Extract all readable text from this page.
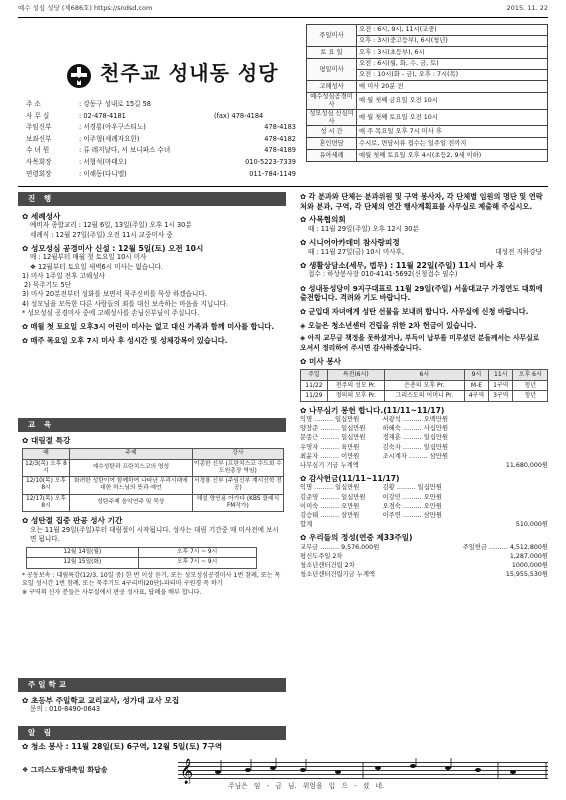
예수 성심 성당 (제686호) https://sndsd.com	2015. 11. 22
천주교 성내동 성당
주 소	: 강동구 성내로 15길 58
사 무 실	: 02-478-4181	(fax) 478-4184
주임신부	: 서경룡(아우구스티노)	478-4183
보좌신부	: 이주형(세례자요한)	478-4182
수 녀 원	: 류 레지날다, 서 보니파스 수녀	478-4189
사목회장	: 서형석(마태오)	010-5223-7339
연령회장	: 이해동(다니엘)	011-784-1149
주일미사	오전 : 6시, 9시, 11시(교중)
	오후 : 3시(중고등부), 6시(청년)
토 요 일	오후 : 3시(초등부), 6시
평일미사	오전 : 6시(월, 화, 수, 금, 토)
	오전 : 10시(화 - 금), 오후 : 7시(목)
고해성사	매 미사 20분 전
예수성심공경미사	매 월 첫째 금요일 오전 10시
성모성심 신심미사	매 월 첫째 토요일 오전 10시
성 시 간	매 주 목요일 오후 7시 미사 후
혼인면담	수시로, 면담서류 접수는 일주일 전까지
유아세례	매월 첫째 토요일 오후 4시(초등2, 9세 이하)
진 행
✿ 세례성사
예비자 종합교리 : 12월 6일, 13일(주일) 오후 1시 30분
세례식 : 12월 27일(주일) 오전 11시 교중미사 중
✿ 성모성심 공경미사 신설 : 12월 5일(토) 오전 10시
매 : 12월부터 매월 첫 토요일 10시 미사
❖ 12월부터 토요일 새벽6시 미사는 없습니다.
1) 미사 1주일 전후 고해성사
2) 묵주기도 5단
3) 미사 20분전부터 성화를 보면서 묵주신비를 묵상 하겠습니다.
4) 성모님을 모독한 다른 사람들의 죄를 대신 보속하는 마음을 지닙니다.
* 성모성심 공경미사 중에 고해성사를 손님신부님이 주십니다.
✿ 매월 첫 토요일 오후3시 어린이 미사는 없고 대신 가족과 함께 미사를 합니다.
✿ 매주 목요일 오후 7시 미사 후 성시간 및 성체강복이 있습니다.
교 육
✿ 대림절 특강
때	주제	강사
12/3(목) 오후 8시	예수성탄과 프란치스코의 영성	이종한 신부 (프란치스코 수도회 수도원총장 역임)
12/10(목) 오후 8시	화려한 성탄이여 함께하여 나타난 우리시대에 대한 하느님의 뜻과 예언	서경룡 신부 (주임신부 계시신학 전공)
12/17(목) 오후 8시	성탄주제 음악연주 및 묵상	해설 양인용 아가다 (KBS 클래식 FM작가)
✿ 성탄절 집중 판공 성사 기간
오는 11월 29일(주일)부터 대림절이 시작됩니다. 성사는 대림 기간중 매 미사전에 보시면 됩니다.
12월 14일(월)	오후 7시 ~ 9시
12월 15일(화)	오후 7시 ~ 9시
* 공동보속 : 대림특강(12/3, 10일 중) 한 번 이상 듣기, 또는 성모성심공경미사 1번 참례, 또는 목요일 성시간 1번 참례, 또는 묵주기도 4구리비(20단)-파티마 구원경 꼭 하기
※ 구역의 신자 분들은 사무실에서 판공 성사표, 답례을 배부 합니다.
주일학교
✿ 초등부 주일학교 교리교사, 성가대 교사 모집
문의 : 010-8490-0643
알 림
✿ 청소 봉사 : 11월 28일(토) 6구역, 12월 5일(토) 7구역
✿ 각 분과와 단체는 분과위원 및 구역 봉사자, 각 단체별 임원의 명단 및 연락처와 분과, 구역, 각 단체의 연간 행사계획표를 사무실로 제출해 주십시오.
✿ 사목협의회
때 : 11월 29일(주일) 오후 12시 30분
✿ 시니어아카데미 참사랑피정
때 : 11월 27일(금) 10시 미사후,	대성전 지하강당
✿ 생활상담소(세무, 법무) : 11월 22일(주일) 11시 미사 후
접수 : 하상봉사장 010-4141-5692(신청접수 필수)
✿ 성내동성당이 9지구대표로 11월 29일(주일) 서울대교구 가정연도 대회에 출전합니다. 격려와 기도 바랍니다.
✿ 군입대 자녀에게 성탄 선물을 보내려 합니다. 사무실에 신청 바랍니다.
◈ 오늘은 청소년센터 건립을 위한 2차 헌금이 있습니다.
◈ 아직 교무금 책정을 못하셨거나, 부득이 납부를 미루셨던 분들께서는 사무실로 오셔서 정리하여 주시면 감사하겠습니다.
✿ 미사 봉사
주일	특전(6시)	6시	9시	11시	오후 6시
11/22	천주의 성모 Pr.	은총의 모후 Pr.	M-E	1구역	청년
11/29	정의의 모후 Pr.	그리스도의 어머니 Pr.	4구역	3구역	청년
✿ 나무심기 봉헌 합니다.(11/11~11/17)
익명 ……… 일십만원	서광석 ……… 오백만원
양장준 ……… 일십만원	하혜숙 ……… 사십만원
문종근 ……… 일십만원	정재훈 ……… 일십만원
우영자 ……… 육만원	김숙자 ……… 일십만원
최윤자 ……… 이만원	조시계자 ……… 삼만원
나무심기 기금 누계액	11,680,000원
✿ 감사헌금(11/11~11/17)
익명 ……… 일십만원	김황 ……… 일십만원
김준영 ……… 일십만원	이강민 ……… 오만원
이미숙 ……… 오만원	오경숙 ……… 오만원
김승태 ……… 삼만원	이주연 ……… 삼만원
합계	510,000원
✿ 우리들의 정성(연중 제33주일)
교무금 ……… 9,576,000원	주일헌금 ……… 4,512,800원
평신도주일 2차	1,287,000원
청소년센터건립 2차	1000,000원
청소년센터건립기금 누계액	15,955,530원
❖ 그리스도왕대축일 화답송	𝄞
주님은 임 - 금 님. 위엄을 입 으 - 셨 네.
